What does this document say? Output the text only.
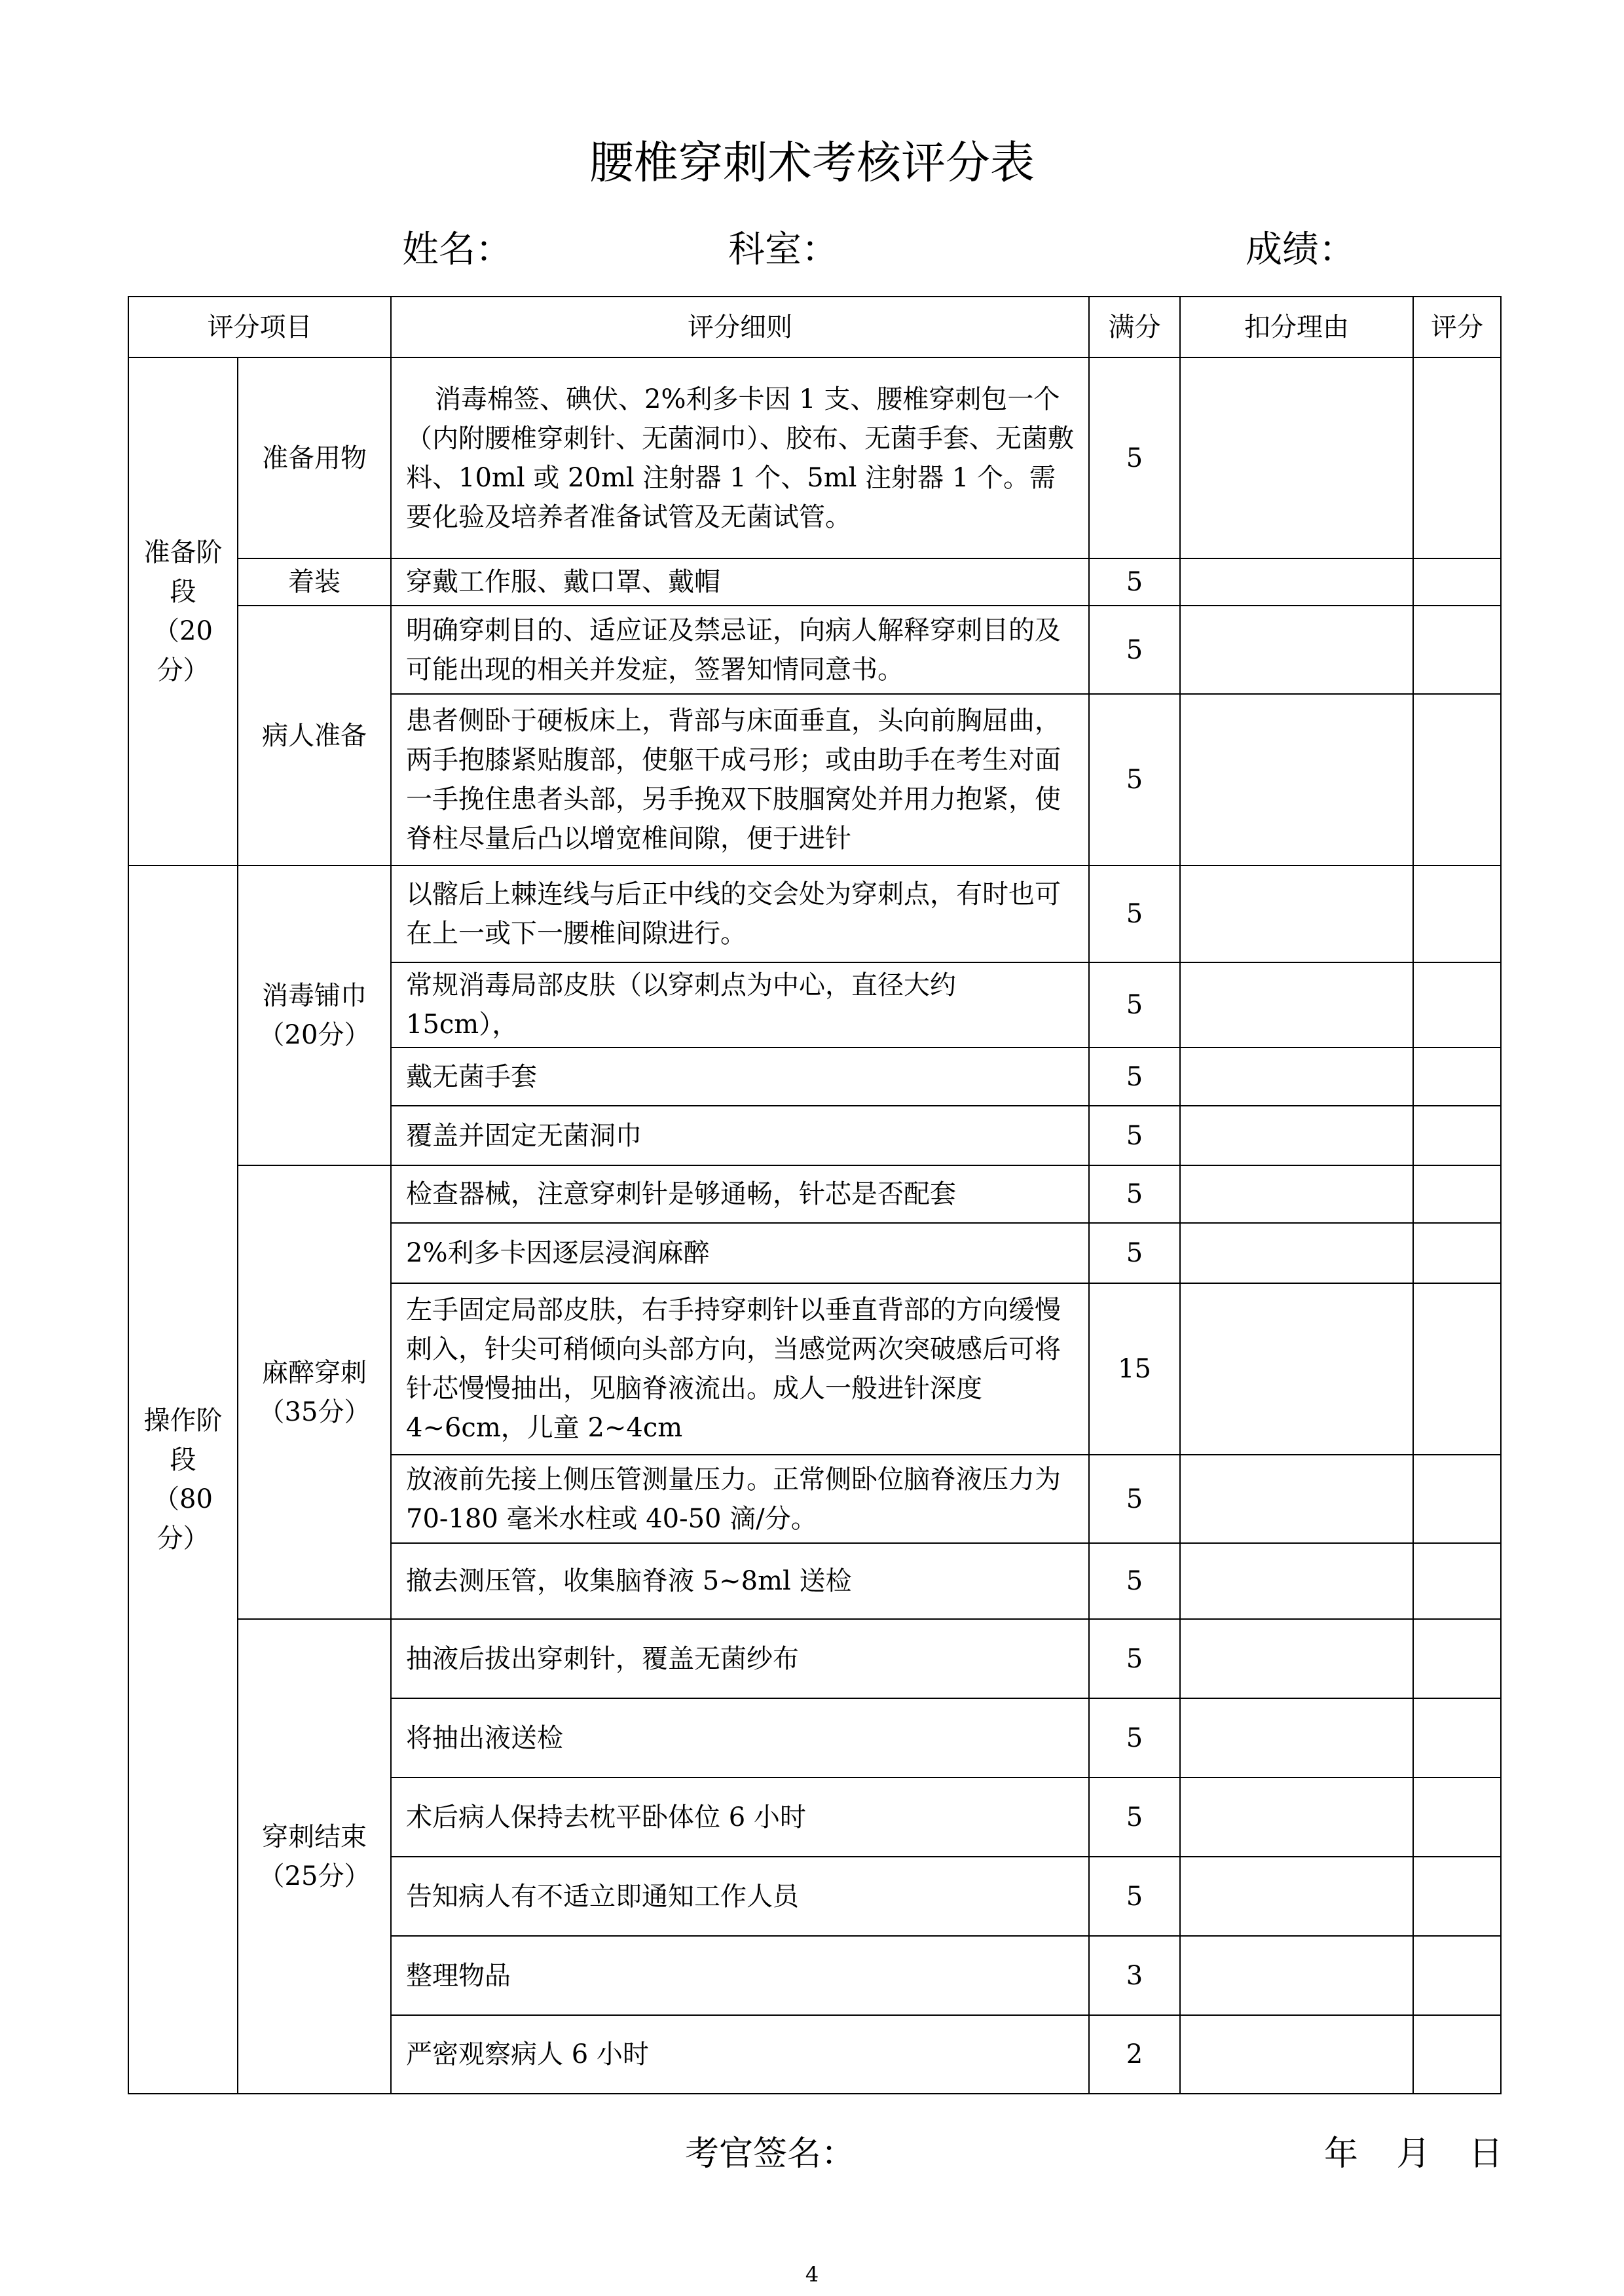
腰椎穿刺术考核评分表
姓名：	科室：	成绩：
评分项目		评分细则	满分	扣分理由	评分
准备阶段（20分）	准备用物	消毒棉签、碘伏、2%利多卡因 1 支、腰椎穿刺包一个（内附腰椎穿刺针、无菌洞巾）、胶布、无菌手套、无菌敷料、10ml 或 20ml 注射器 1 个、5ml 注射器 1 个。需要化验及培养者准备试管及无菌试管。	5		
	着装	穿戴工作服、戴口罩、戴帽	5		
	病人准备	明确穿刺目的、适应证及禁忌证，向病人解释穿刺目的及可能出现的相关并发症，签署知情同意书。	5		
		患者侧卧于硬板床上，背部与床面垂直，头向前胸屈曲，两手抱膝紧贴腹部，使躯干成弓形；或由助手在考生对面一手挽住患者头部，另手挽双下肢腘窝处并用力抱紧，使脊柱尽量后凸以增宽椎间隙，便于进针	5		

操作阶段（80分）	消毒铺巾（20分）	以髂后上棘连线与后正中线的交会处为穿刺点，有时也可在上一或下一腰椎间隙进行。	5		
		常规消毒局部皮肤（以穿刺点为中心，直径大约 15cm），	5		
		戴无菌手套	5		
		覆盖并固定无菌洞巾	5		
	麻醉穿刺（35分）	检查器械，注意穿刺针是够通畅，针芯是否配套	5		
		2%利多卡因逐层浸润麻醉	5		
		左手固定局部皮肤，右手持穿刺针以垂直背部的方向缓慢刺入，针尖可稍倾向头部方向，当感觉两次突破感后可将针芯慢慢抽出，见脑脊液流出。成人一般进针深度 4~6cm，儿童 2~4cm	15		
		放液前先接上侧压管测量压力。正常侧卧位脑脊液压力为 70-180 毫米水柱或 40-50 滴/分。	5		
		撤去测压管，收集脑脊液 5~8ml 送检	5		
	穿刺结束（25分）	抽液后拔出穿刺针，覆盖无菌纱布	5		
		将抽出液送检	5		
		术后病人保持去枕平卧体位 6 小时	5		
		告知病人有不适立即通知工作人员	5		
		整理物品	3		
		严密观察病人 6 小时	2		
考官签名：	年 月 日
4
